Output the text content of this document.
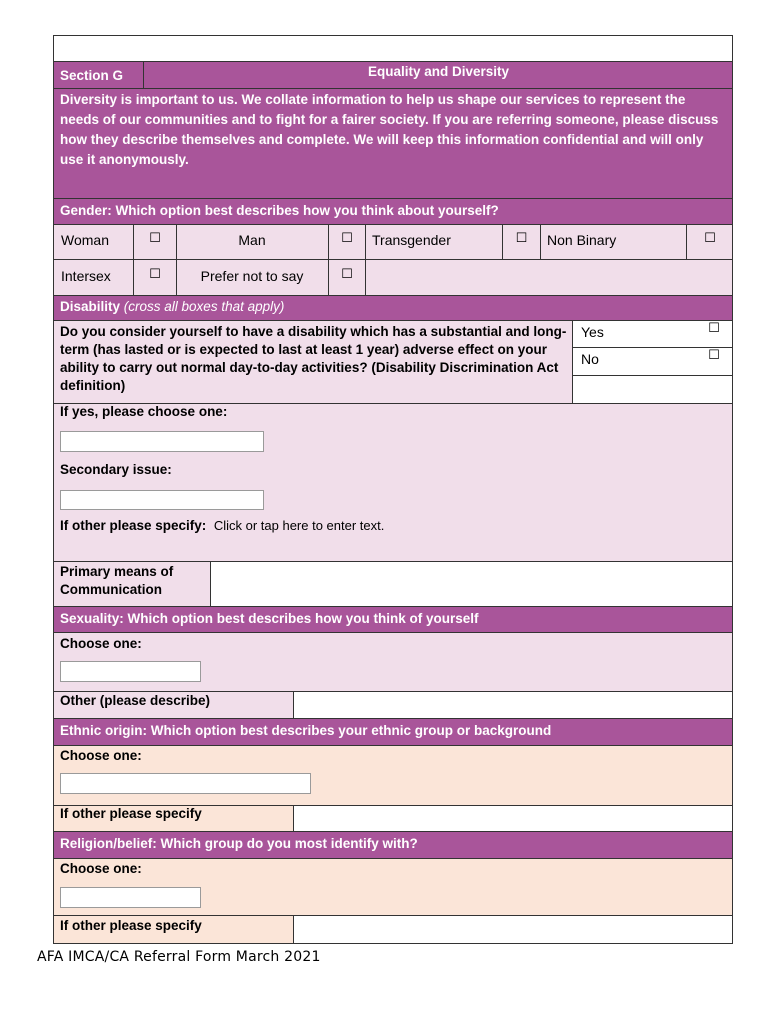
Section G	Equality and Diversity
Diversity is important to us. We collate information to help us shape our services to represent the needs of our communities and to fight for a fairer society. If you are referring someone, please discuss how they describe themselves and complete. We will keep this information confidential and will only use it anonymously.
Gender: Which option best describes how you think about yourself?
Woman	☐	Man	☐	Transgender	☐	Non Binary	☐
Intersex	☐	Prefer not to say	☐
Disability (cross all boxes that apply)
Do you consider yourself to have a disability which has a substantial and long-term (has lasted or is expected to last at least 1 year) adverse effect on your ability to carry out normal day-to-day activities? (Disability Discrimination Act definition)
Yes	☐
No	☐
If yes, please choose one:
Secondary issue:
If other please specify: Click or tap here to enter text.
Primary means of Communication
Sexuality: Which option best describes how you think of yourself
Choose one:
Other (please describe)
Ethnic origin: Which option best describes your ethnic group or background
Choose one:
If other please specify
Religion/belief: Which group do you most identify with?
Choose one:
If other please specify
AFA IMCA/CA Referral Form March 2021
